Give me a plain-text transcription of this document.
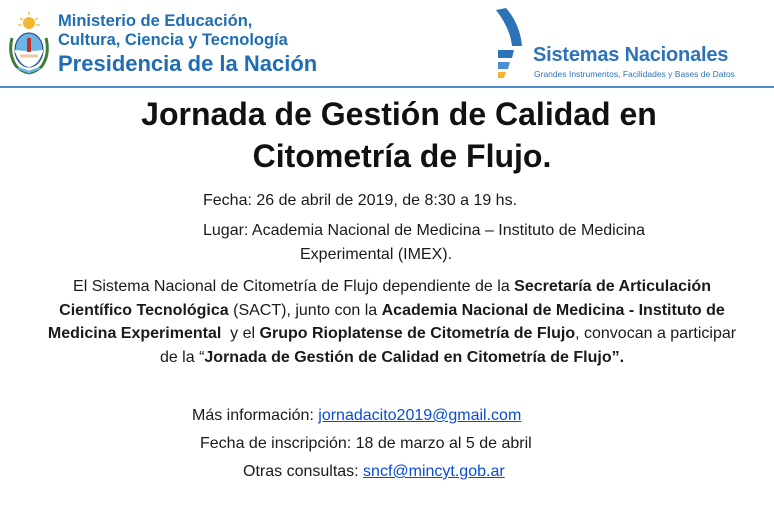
Ministerio de Educación,
Cultura, Ciencia y Tecnología
Presidencia de la Nación	Sistemas Nacionales
Grandes Instrumentos, Facilidades y Bases de Datos
Jornada de Gestión de Calidad en
Citometría de Flujo.
Fecha: 26 de abril de 2019, de 8:30 a 19 hs.
Lugar: Academia Nacional de Medicina – Instituto de Medicina
Experimental (IMEX).
El Sistema Nacional de Citometría de Flujo dependiente de la Secretaría de Articulación
Científico Tecnológica (SACT), junto con la Academia Nacional de Medicina - Instituto de
Medicina Experimental  y el Grupo Rioplatense de Citometría de Flujo, convocan a participar
de la “Jornada de Gestión de Calidad en Citometría de Flujo”.
Más información: jornadacito2019@gmail.com
Fecha de inscripción: 18 de marzo al 5 de abril
Otras consultas: sncf@mincyt.gob.ar
